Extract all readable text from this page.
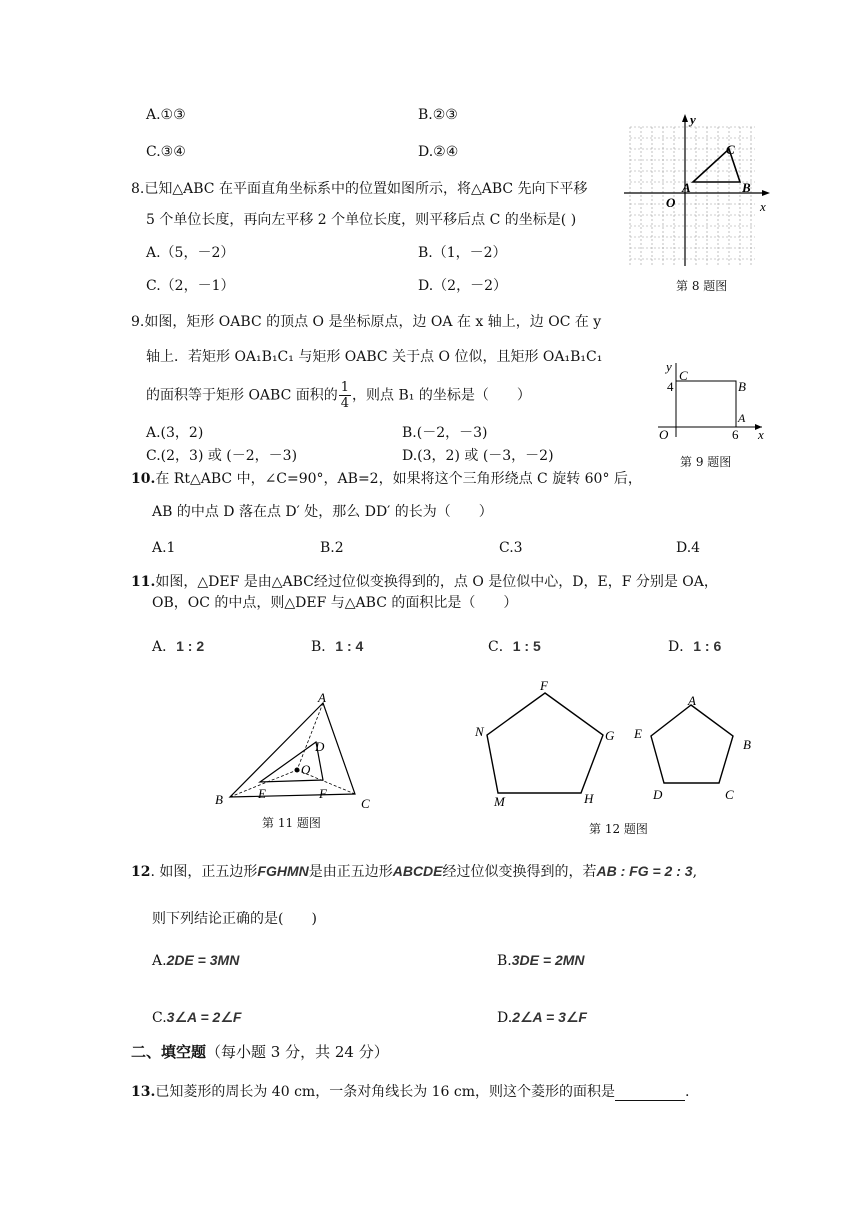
A.①③	B.②③
C.③④	D.②④
8.已知△ABC 在平面直角坐标系中的位置如图所示，将△ABC 先向下平移
5 个单位长度，再向左平移 2 个单位长度，则平移后点 C 的坐标是( )
A.（5，－2）	B.（1，－2）
C.（2，－1）	D.（2，－2）
y
x
O
A	B
C
第 8 题图
9.如图，矩形 OABC 的顶点 O 是坐标原点，边 OA 在 x 轴上，边 OC 在 y
轴上．若矩形 OA₁B₁C₁ 与矩形 OABC 关于点 O 位似，且矩形 OA₁B₁C₁
的面积等于矩形 OABC 面积的 $\frac{1}{4}$ ，则点 B₁ 的坐标是（　　）
A.(3，2)	B.(－2，－3)
C.(2，3) 或 (－2，－3)	D.(3，2) 或 (－3，－2)
y
4
C
B
A
O	6 x
第 9 题图
10.在 Rt△ABC 中，∠C=90°，AB=2，如果将这个三角形绕点 C 旋转 60° 后，
AB 的中点 D 落在点 D′ 处，那么 DD′ 的长为（　　）
A.1	B.2	C.3	D.4
11.如图，△DEF 是由△ABC经过位似变换得到的，点 O 是位似中心，D，E，F 分别是 OA，
OB，OC 的中点，则△DEF 与△ABC 的面积比是（　　）
A．1 : 2	B．1 : 4	C．1 : 5	D．1 : 6
A
B	C
D
E	F
O
第 11 题图
F
N	G
M	H
A
E
B
D	C
第 12 题图
12. 如图，正五边形FGHMN是由正五边形ABCDE经过位似变换得到的，若AB : FG = 2 : 3,
则下列结论正确的是(　　)
A.2DE = 3MN	B.3DE = 2MN
C.3∠A = 2∠F	D.2∠A = 3∠F
二、填空题（每小题 3 分，共 24 分）
13.已知菱形的周长为 40 cm，一条对角线长为 16 cm，则这个菱形的面积是	.
